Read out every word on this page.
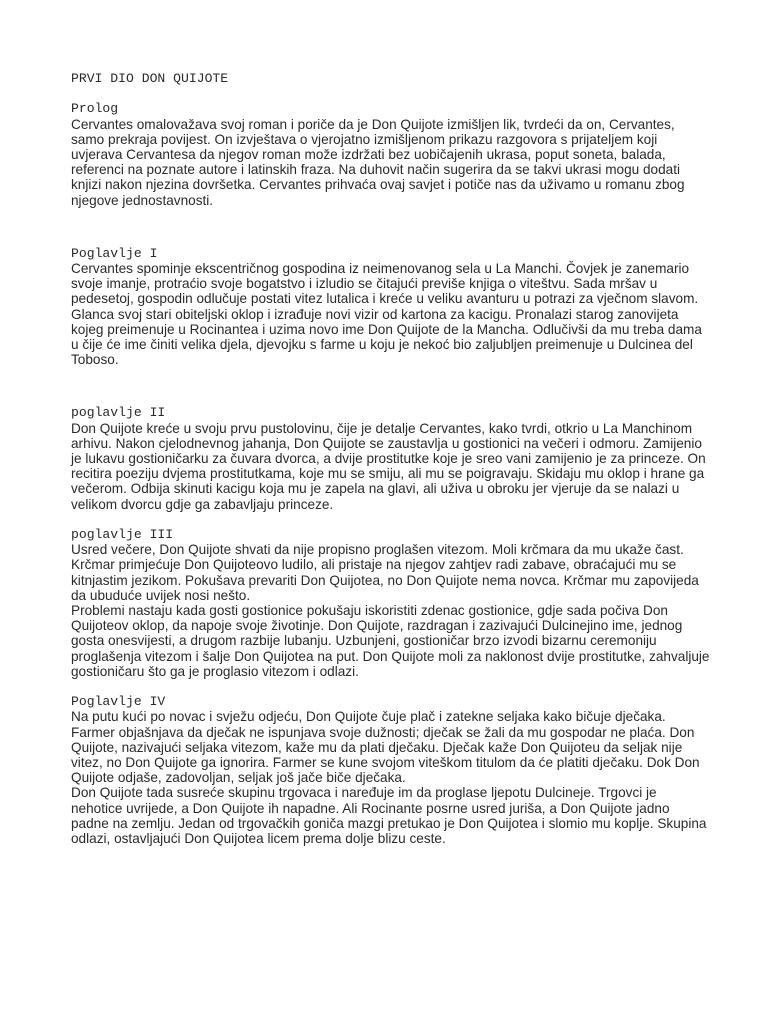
PRVI DIO DON QUIJOTE
Prolog

Cervantes omalovažava svoj roman i poriče da je Don Quijote izmišljen lik, tvrdeći da on, Cervantes, samo prekraja povijest. On izvještava o vjerojatno izmišljenom prikazu razgovora s prijateljem koji uvjerava Cervantesa da njegov roman može izdržati bez uobičajenih ukrasa, poput soneta, balada, referenci na poznate autore i latinskih fraza. Na duhovit način sugerira da se takvi ukrasi mogu dodati knjizi nakon njezina dovršetka. Cervantes prihvaća ovaj savjet i potiče nas da uživamo u romanu zbog njegove jednostavnosti.

Poglavlje I

Cervantes spominje ekscentričnog gospodina iz neimenovanog sela u La Manchi. Čovjek je zanemario svoje imanje, protraćio svoje bogatstvo i izludio se čitajući previše knjiga o viteštvu. Sada mršav u pedesetoj, gospodin odlučuje postati vitez lutalica i kreće u veliku avanturu u potrazi za vječnom slavom. Glanca svoj stari obiteljski oklop i izrađuje novi vizir od kartona za kacigu. Pronalazi starog zanovijeta kojeg preimenuje u Rocinantea i uzima novo ime Don Quijote de la Mancha. Odlučivši da mu treba dama u čije će ime činiti velika djela, djevojku s farme u koju je nekoć bio zaljubljen preimenuje u Dulcinea del Toboso.

poglavlje II

Don Quijote kreće u svoju prvu pustolovinu, čije je detalje Cervantes, kako tvrdi, otkrio u La Manchinom arhivu. Nakon cjelodnevnog jahanja, Don Quijote se zaustavlja u gostionici na večeri i odmoru. Zamijenio je lukavu gostioničarku za čuvara dvorca, a dvije prostitutke koje je sreo vani zamijenio je za princeze. On recitira poeziju dvjema prostitutkama, koje mu se smiju, ali mu se poigravaju. Skidaju mu oklop i hrane ga večerom. Odbija skinuti kacigu koja mu je zapela na glavi, ali uživa u obroku jer vjeruje da se nalazi u velikom dvorcu gdje ga zabavljaju princeze.

poglavlje III

Usred večere, Don Quijote shvati da nije propisno proglašen vitezom. Moli krčmara da mu ukaže čast. Krčmar primjećuje Don Quijoteovo ludilo, ali pristaje na njegov zahtjev radi zabave, obraćajući mu se kitnjastim jezikom. Pokušava prevariti Don Quijotea, no Don Quijote nema novca. Krčmar mu zapovijeda da ubuduće uvijek nosi nešto.

Problemi nastaju kada gosti gostionice pokušaju iskoristiti zdenac gostionice, gdje sada počiva Don Quijoteov oklop, da napoje svoje životinje. Don Quijote, razdragan i zazivajući Dulcinejino ime, jednog gosta onesvijesti, a drugom razbije lubanju. Uzbunjeni, gostioničar brzo izvodi bizarnu ceremoniju proglašenja vitezom i šalje Don Quijotea na put. Don Quijote moli za naklonost dvije prostitutke, zahvaljuje gostioničaru što ga je proglasio vitezom i odlazi.

Poglavlje IV

Na putu kući po novac i svježu odjeću, Don Quijote čuje plač i zatekne seljaka kako bičuje dječaka. Farmer objašnjava da dječak ne ispunjava svoje dužnosti; dječak se žali da mu gospodar ne plaća. Don Quijote, nazivajući seljaka vitezom, kaže mu da plati dječaku. Dječak kaže Don Quijoteu da seljak nije vitez, no Don Quijote ga ignorira. Farmer se kune svojom viteškom titulom da će platiti dječaku. Dok Don Quijote odjaše, zadovoljan, seljak još jače biče dječaka.

Don Quijote tada susreće skupinu trgovaca i naređuje im da proglase ljepotu Dulcineje. Trgovci je nehotice uvrijede, a Don Quijote ih napadne. Ali Rocinante posrne usred juriša, a Don Quijote jadno padne na zemlju. Jedan od trgovačkih goniča mazgi pretukao je Don Quijotea i slomio mu koplje. Skupina odlazi, ostavljajući Don Quijotea licem prema dolje blizu ceste.
